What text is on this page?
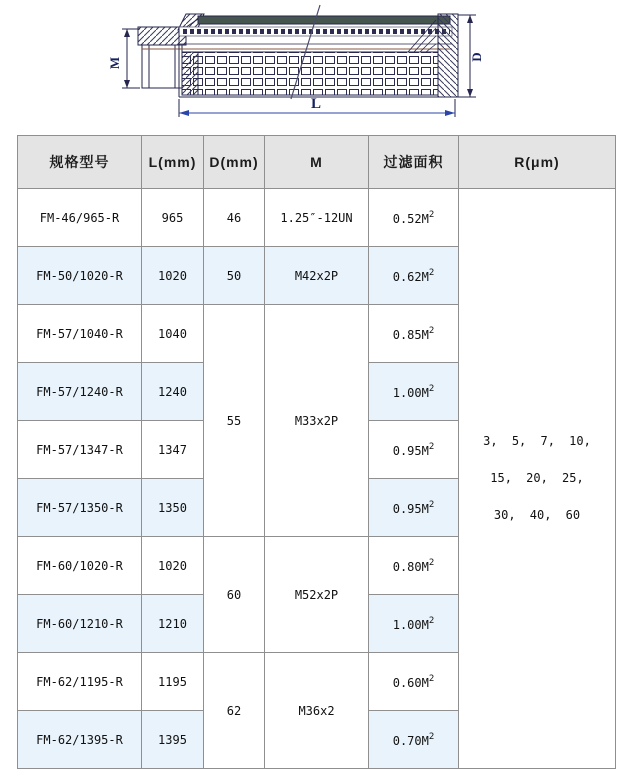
M	D
L
规格型号	L(mm)	D(mm)	M	过滤面积	R(μm)
FM-46/965-R	965	46	1.25″-12UN	$0.52M^2$	3, 5, 7, 10,
15, 20, 25,
30, 40, 60

FM-50/1020-R	1020	50	M42x2P	$0.62M^2$
FM-57/1040-R	1040	55	M33x2P	$0.85M^2$
FM-57/1240-R	1240			$1.00M^2$
FM-57/1347-R	1347			$0.95M^2$
FM-57/1350-R	1350			$0.95M^2$
FM-60/1020-R	1020	60	M52x2P	$0.80M^2$
FM-60/1210-R	1210			$1.00M^2$
FM-62/1195-R	1195	62	M36x2	$0.60M^2$
FM-62/1395-R	1395			$0.70M^2$
